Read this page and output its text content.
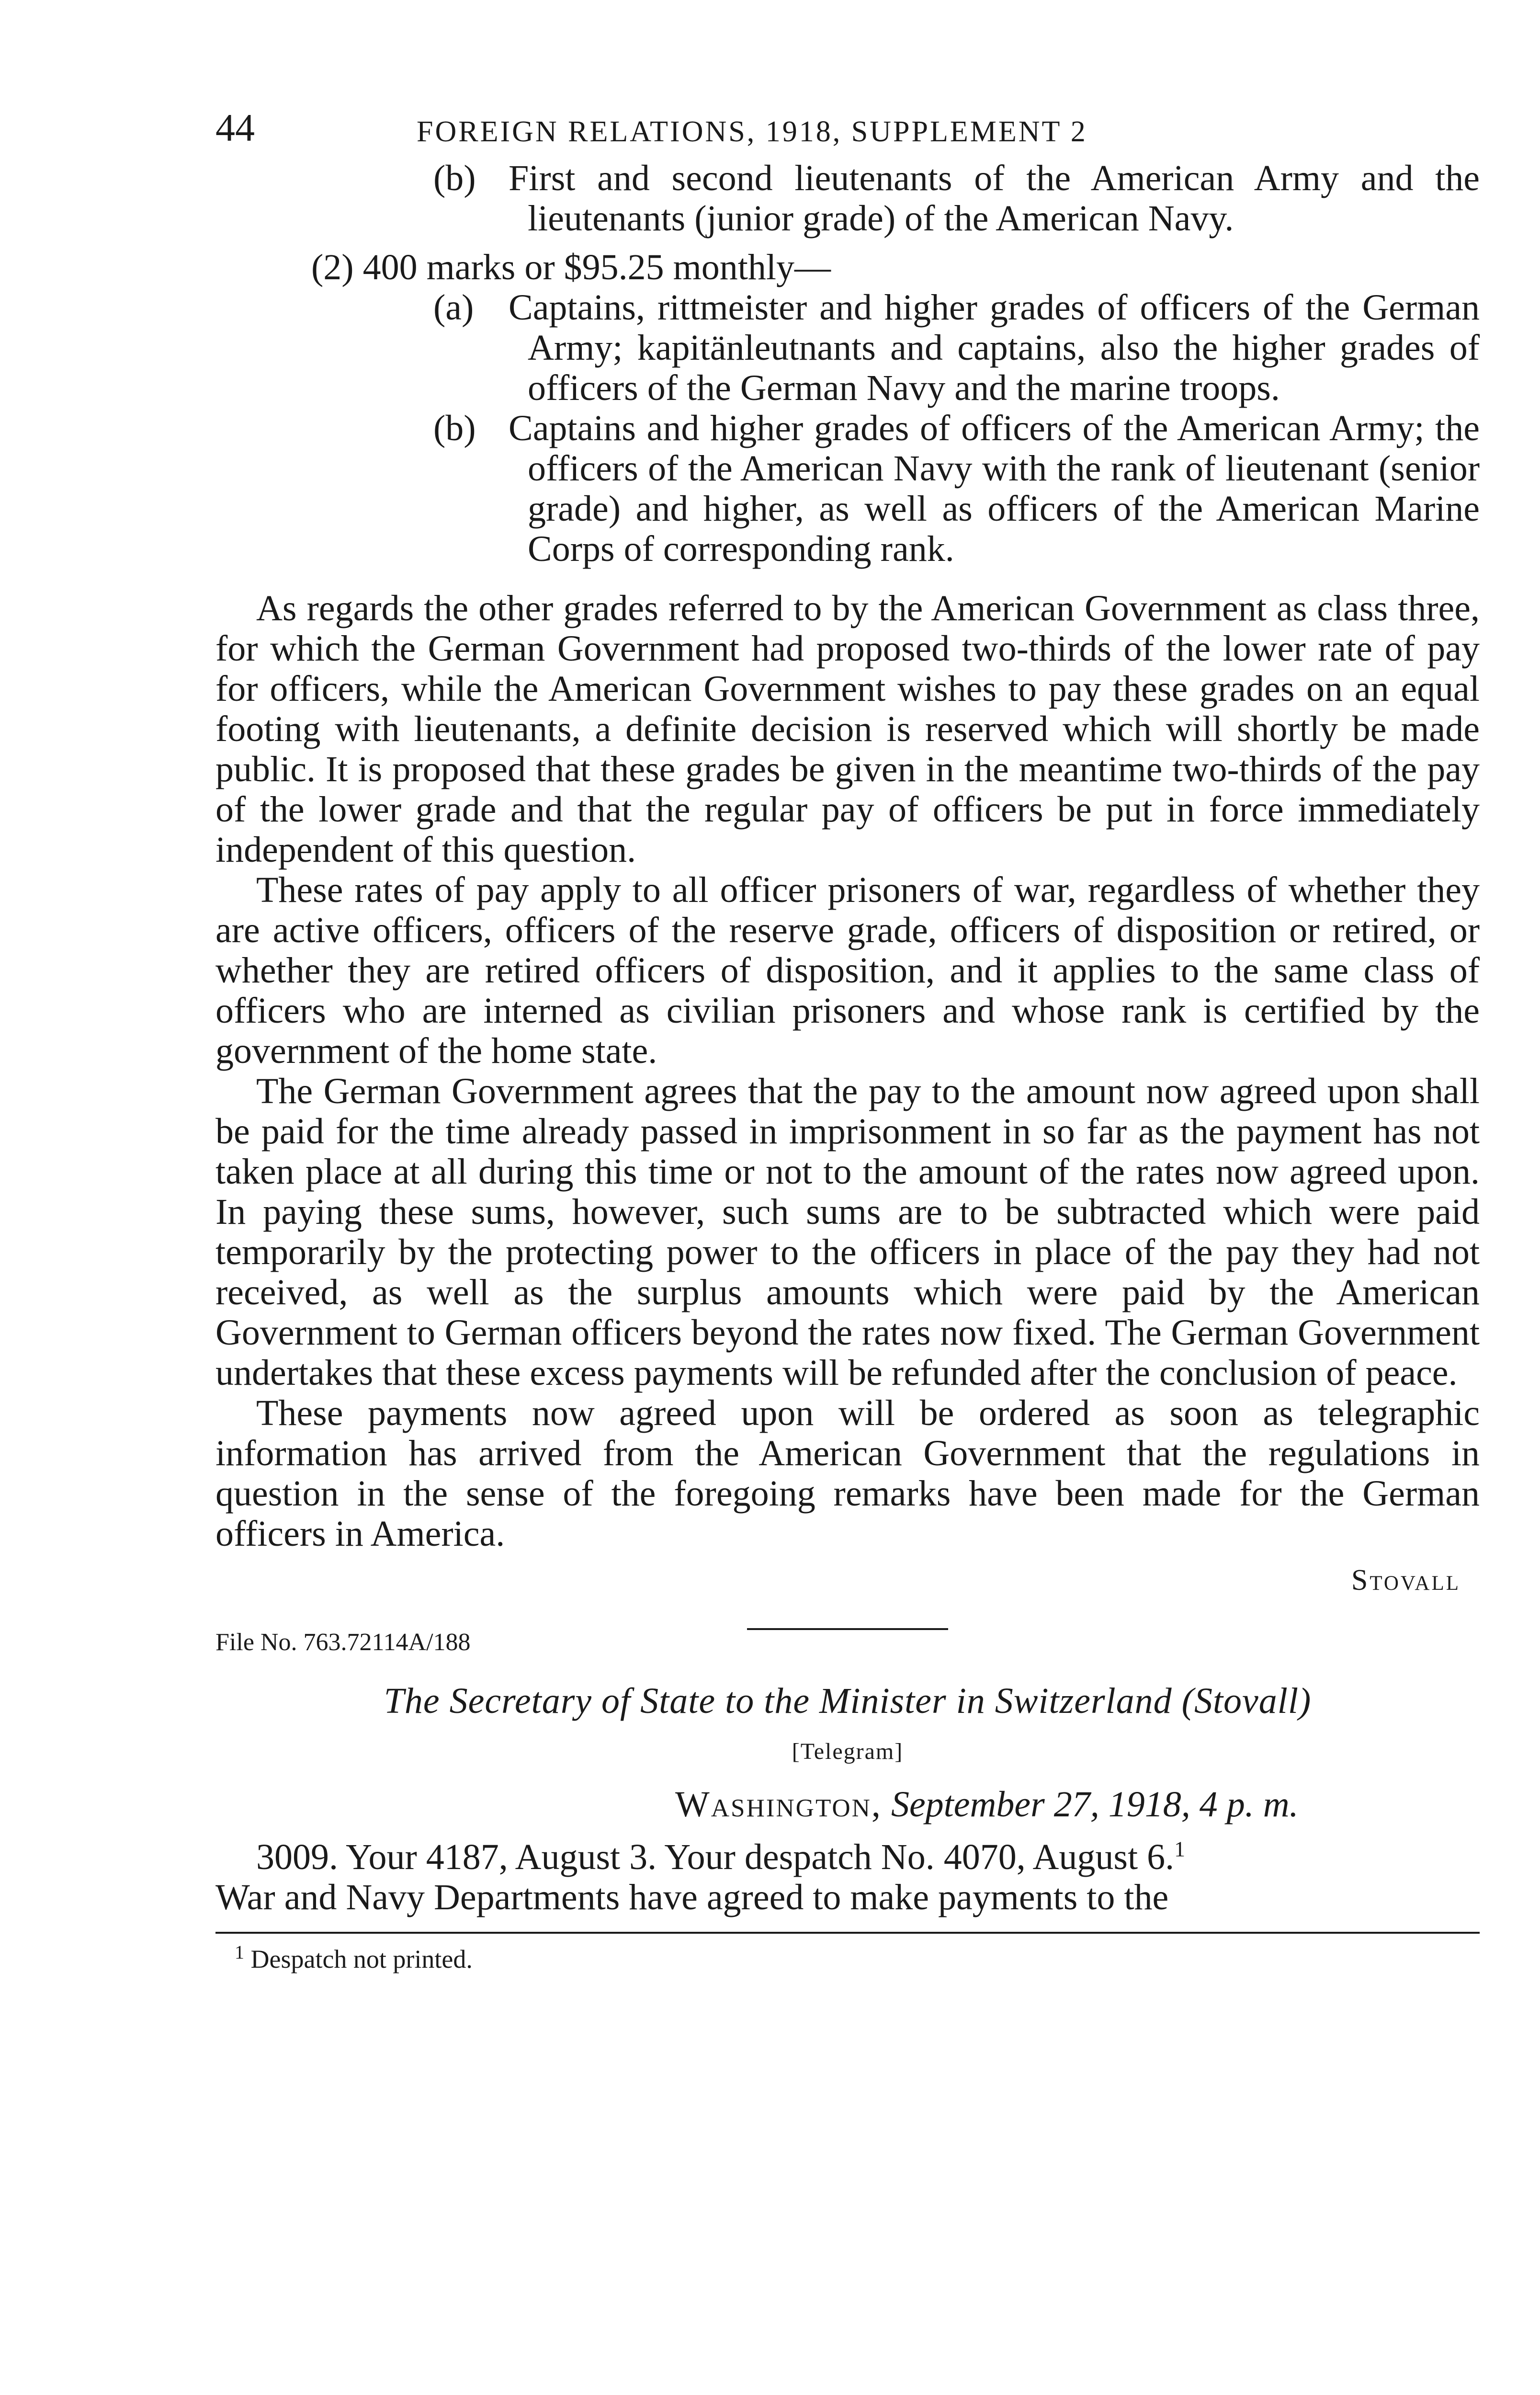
44	FOREIGN RELATIONS, 1918, SUPPLEMENT 2
(b) First and second lieutenants of the American Army and the lieutenants (junior grade) of the American Navy.
(2) 400 marks or $95.25 monthly—
(a) Captains, rittmeister and higher grades of officers of the German Army; kapitänleutnants and captains, also the higher grades of officers of the German Navy and the marine troops.
(b) Captains and higher grades of officers of the American Army; the officers of the American Navy with the rank of lieutenant (senior grade) and higher, as well as officers of the American Marine Corps of corresponding rank.

As regards the other grades referred to by the American Government as class three, for which the German Government had proposed two-thirds of the lower rate of pay for officers, while the American Government wishes to pay these grades on an equal footing with lieutenants, a definite decision is reserved which will shortly be made public. It is proposed that these grades be given in the meantime two-thirds of the pay of the lower grade and that the regular pay of officers be put in force immediately independent of this question.

These rates of pay apply to all officer prisoners of war, regardless of whether they are active officers, officers of the reserve grade, officers of disposition or retired, or whether they are retired officers of disposition, and it applies to the same class of officers who are interned as civilian prisoners and whose rank is certified by the government of the home state.

The German Government agrees that the pay to the amount now agreed upon shall be paid for the time already passed in imprisonment in so far as the payment has not taken place at all during this time or not to the amount of the rates now agreed upon. In paying these sums, however, such sums are to be subtracted which were paid temporarily by the protecting power to the officers in place of the pay they had not received, as well as the surplus amounts which were paid by the American Government to German officers beyond the rates now fixed. The German Government undertakes that these excess payments will be refunded after the conclusion of peace.

These payments now agreed upon will be ordered as soon as telegraphic information has arrived from the American Government that the regulations in question in the sense of the foregoing remarks have been made for the German officers in America.

Stovall
File No. 763.72114A/188
The Secretary of State to the Minister in Switzerland (Stovall)
[Telegram]
Washington, September 27, 1918, 4 p. m.
3009. Your 4187, August 3. Your despatch No. 4070, August 6.$^1$
War and Navy Departments have agreed to make payments to the
$^1$ Despatch not printed.
